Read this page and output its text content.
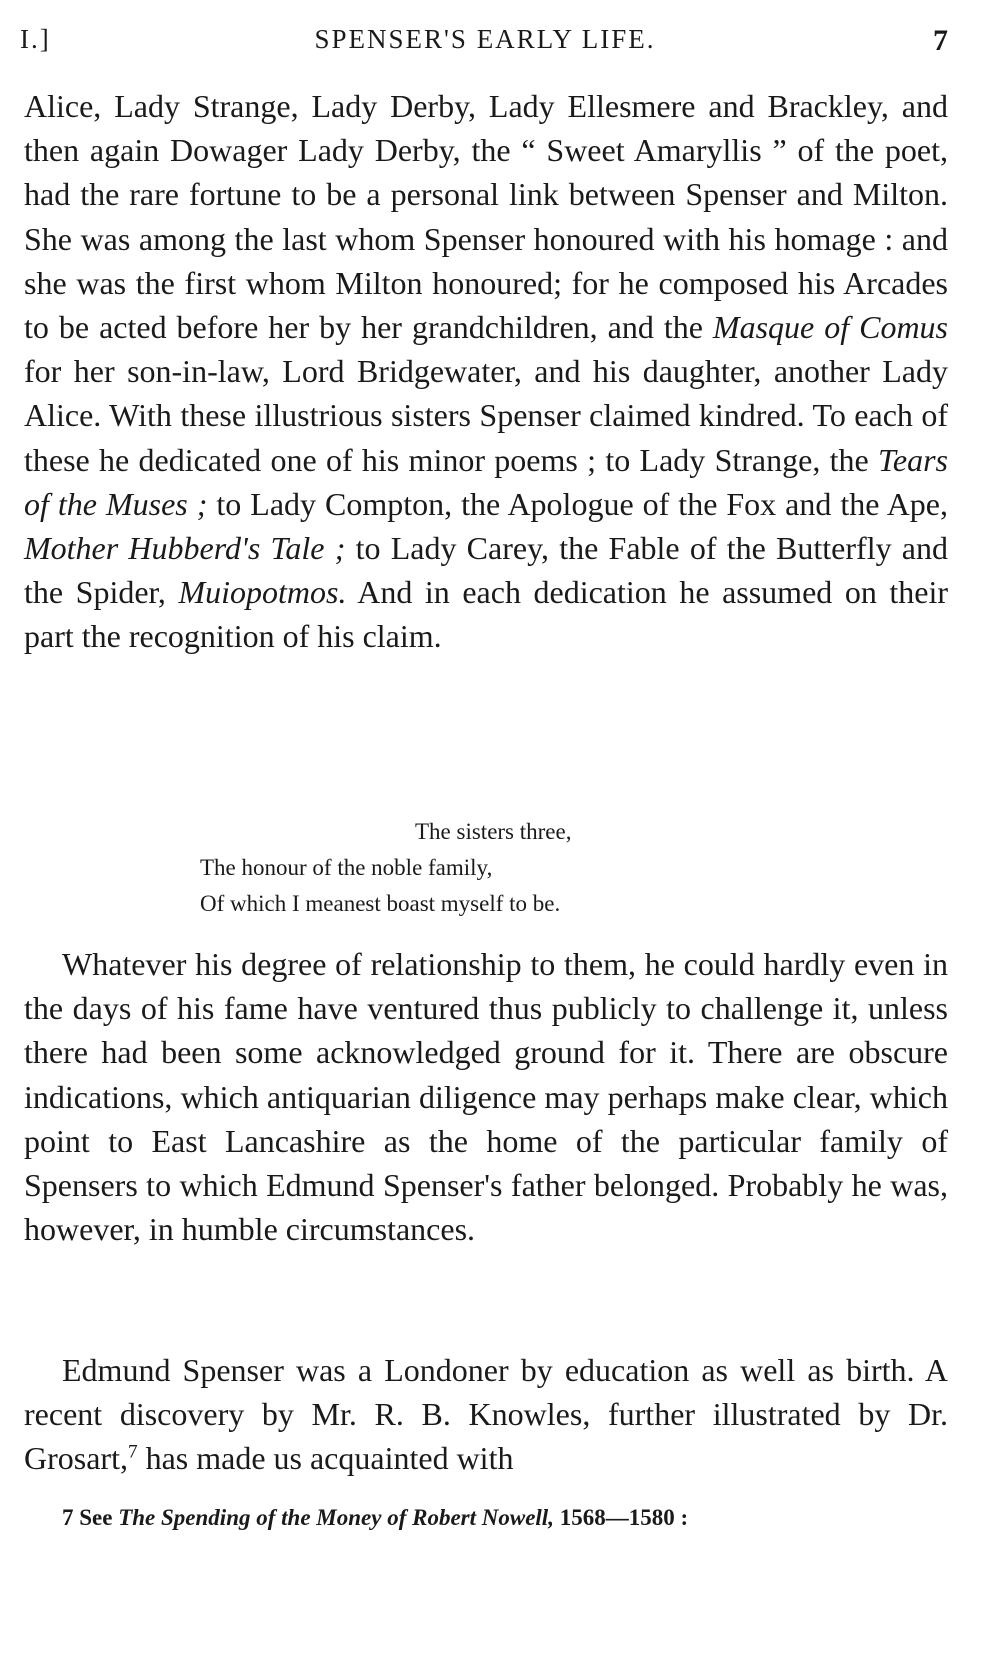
I.]	SPENSER'S EARLY LIFE.	7

Alice, Lady Strange, Lady Derby, Lady Ellesmere and Brackley, and then again Dowager Lady Derby, the “ Sweet Amaryllis ” of the poet, had the rare fortune to be a personal link between Spenser and Milton. She was among the last whom Spenser honoured with his homage : and she was the first whom Milton honoured; for he composed his Arcades to be acted before her by her grandchildren, and the Masque of Comus for her son-in-law, Lord Bridgewater, and his daughter, another Lady Alice. With these illustrious sisters Spenser claimed kindred. To each of these he dedicated one of his minor poems ; to Lady Strange, the Tears of the Muses ; to Lady Compton, the Apologue of the Fox and the Ape, Mother Hubberd's Tale ; to Lady Carey, the Fable of the Butterfly and the Spider, Muiopotmos. And in each dedication he assumed on their part the recognition of his claim.

The sisters three,
The honour of the noble family,
Of which I meanest boast myself to be.

Whatever his degree of relationship to them, he could hardly even in the days of his fame have ventured thus publicly to challenge it, unless there had been some acknowledged ground for it. There are obscure indications, which antiquarian diligence may perhaps make clear, which point to East Lancashire as the home of the particular family of Spensers to which Edmund Spenser's father belonged. Probably he was, however, in humble circumstances.

Edmund Spenser was a Londoner by education as well as birth. A recent discovery by Mr. R. B. Knowles, further illustrated by Dr. Grosart,$^7$ has made us acquainted with

7 See The Spending of the Money of Robert Nowell, 1568—1580 :
